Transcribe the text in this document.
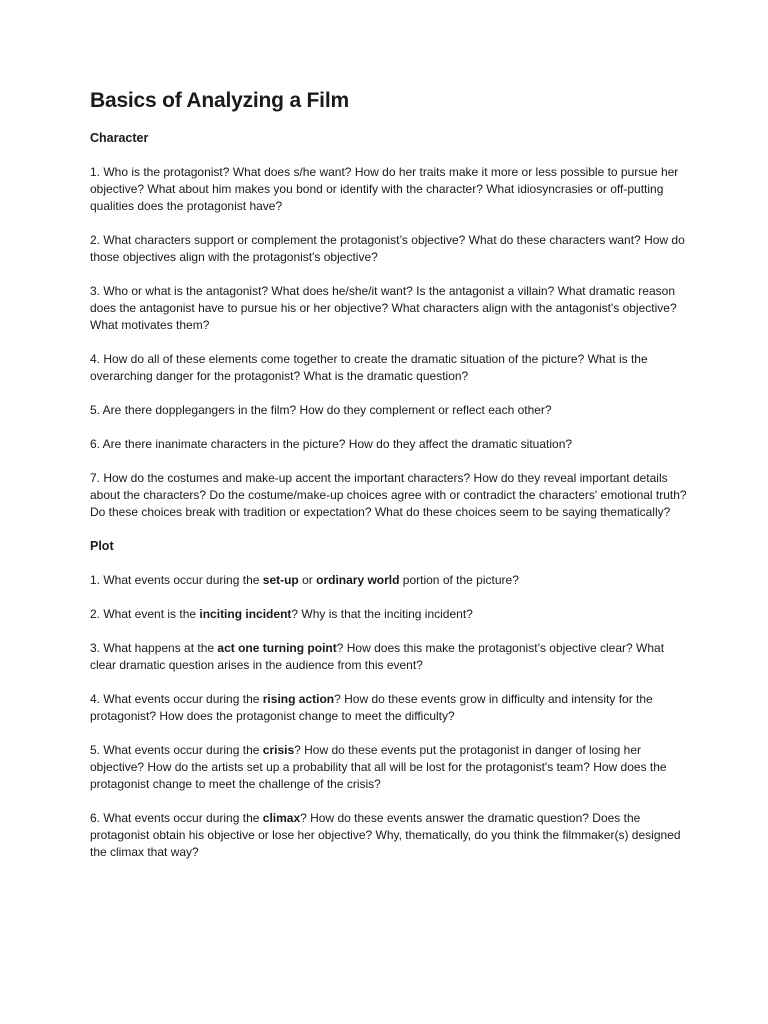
Basics of Analyzing a Film
Character

1. Who is the protagonist? What does s/he want? How do her traits make it more or less possible to pursue her objective? What about him makes you bond or identify with the character? What idiosyncrasies or off-putting qualities does the protagonist have?

2. What characters support or complement the protagonist’s objective? What do these characters want? How do those objectives align with the protagonist's objective?

3. Who or what is the antagonist? What does he/she/it want? Is the antagonist a villain? What dramatic reason does the antagonist have to pursue his or her objective? What characters align with the antagonist's objective? What motivates them?

4. How do all of these elements come together to create the dramatic situation of the picture? What is the overarching danger for the protagonist? What is the dramatic question?

5. Are there dopplegangers in the film? How do they complement or reflect each other?

6. Are there inanimate characters in the picture? How do they affect the dramatic situation?

7. How do the costumes and make-up accent the important characters? How do they reveal important details about the characters? Do the costume/make-up choices agree with or contradict the characters' emotional truth? Do these choices break with tradition or expectation? What do these choices seem to be saying thematically?

Plot

1. What events occur during the set-up or ordinary world portion of the picture?

2. What event is the inciting incident? Why is that the inciting incident?

3. What happens at the act one turning point? How does this make the protagonist’s objective clear? What clear dramatic question arises in the audience from this event?

4. What events occur during the rising action? How do these events grow in difficulty and intensity for the protagonist? How does the protagonist change to meet the difficulty?

5. What events occur during the crisis? How do these events put the protagonist in danger of losing her objective? How do the artists set up a probability that all will be lost for the protagonist's team? How does the protagonist change to meet the challenge of the crisis?

6. What events occur during the climax? How do these events answer the dramatic question? Does the protagonist obtain his objective or lose her objective? Why, thematically, do you think the filmmaker(s) designed the climax that way?
